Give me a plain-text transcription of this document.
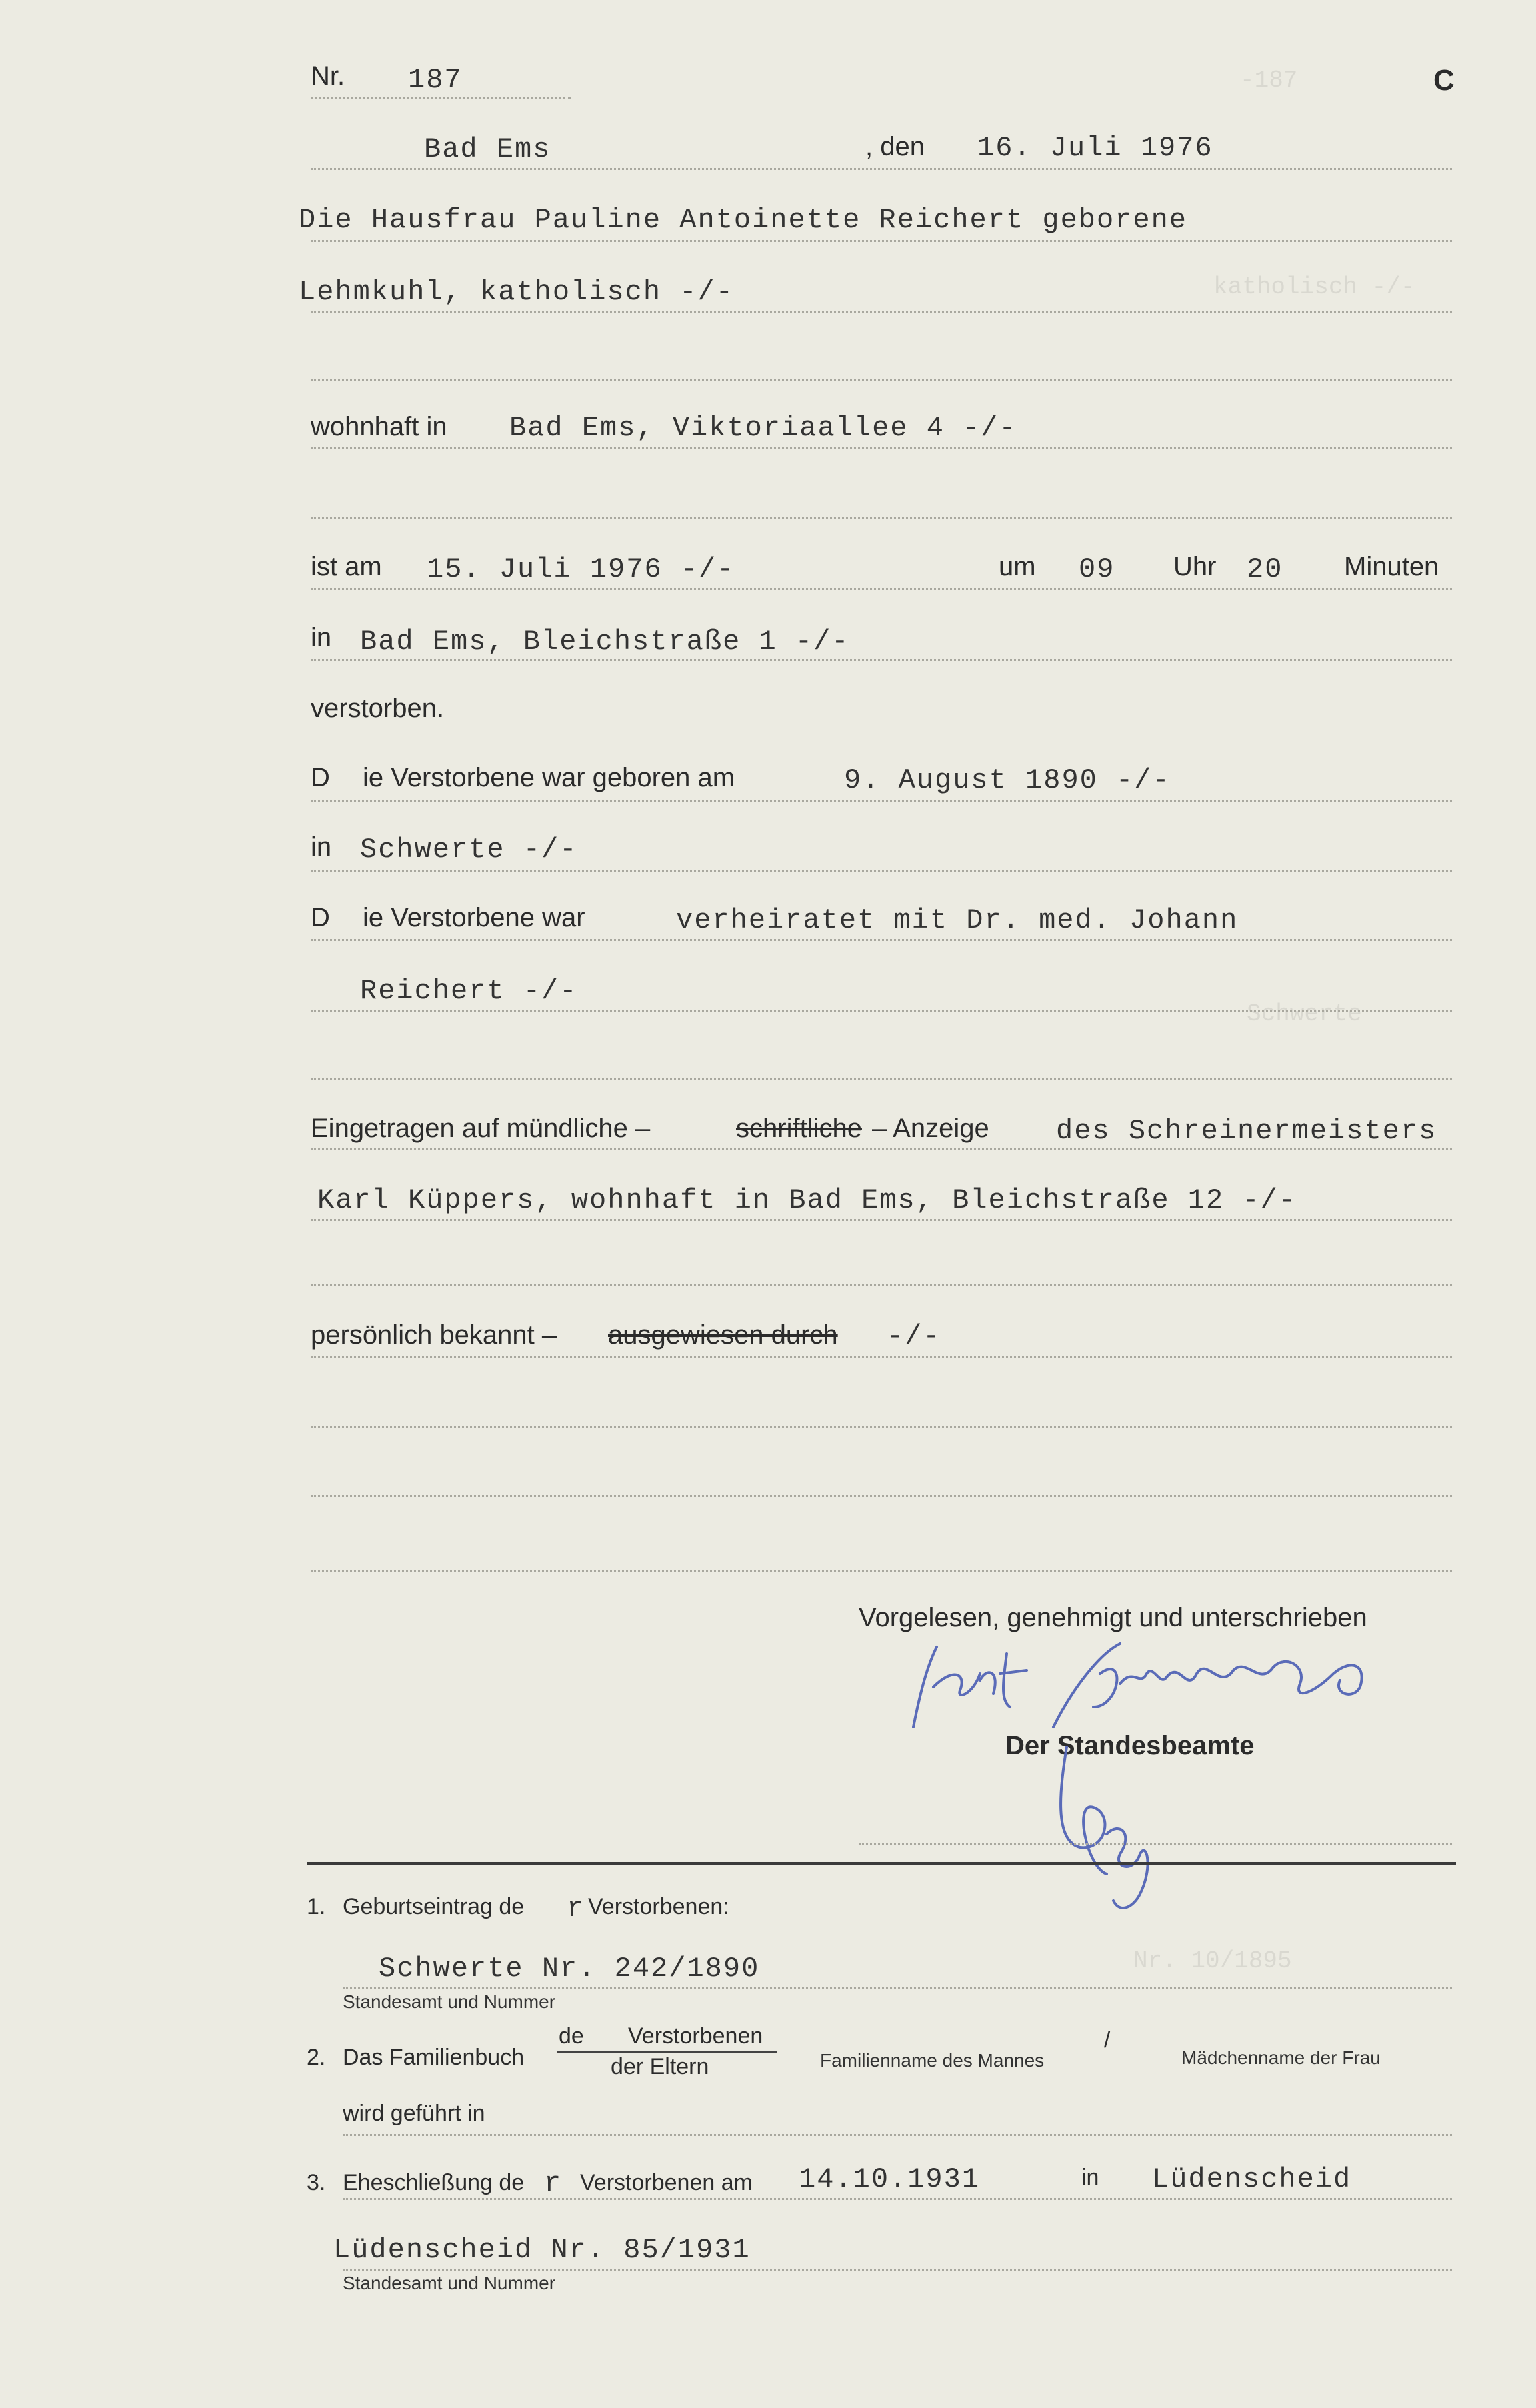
-187
katholisch -/-
Schwerte
Nr. 10/1895
Nr. 187	C
Bad Ems	, den 16. Juli 1976
Die Hausfrau Pauline Antoinette Reichert geborene
Lehmkuhl, katholisch -/-
wohnhaft in Bad Ems, Viktoriaallee 4 -/-
ist am 15. Juli 1976 -/-	um 09 Uhr 20 Minuten
in Bad Ems, Bleichstraße 1 -/-
verstorben.
D ie Verstorbene war geboren am	9. August 1890 -/-
in Schwerte -/-
D ie Verstorbene war	verheiratet mit Dr. med. Johann
Reichert -/-
Eingetragen auf mündliche –	schriftliche – Anzeige des Schreinermeisters
Karl Küppers, wohnhaft in Bad Ems, Bleichstraße 12 -/-
persönlich bekannt – ausgewiesen durch -/-
Vorgelesen, genehmigt und unterschrieben
Der Standesbeamte
1. Geburtseintrag de r Verstorbenen:
Schwerte Nr. 242/1890
Standesamt und Nummer
2. Das Familienbuch
de Verstorbenen
der Eltern	Familienname des Mannes
/
Mädchenname der Frau
wird geführt in
3. Eheschließung de r Verstorbenen am 14.10.1931	in Lüdenscheid
Lüdenscheid Nr. 85/1931
Standesamt und Nummer
